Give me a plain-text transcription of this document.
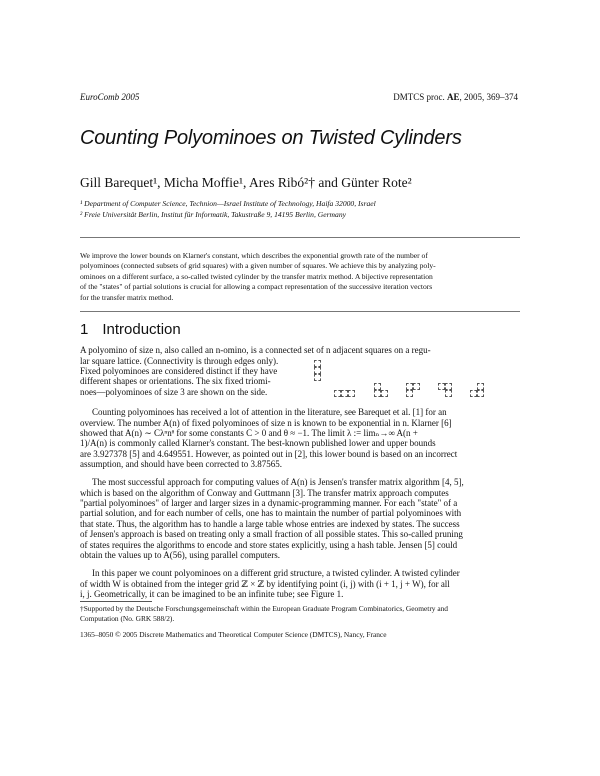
EuroComb 2005	DMTCS proc. AE, 2005, 369–374
Counting Polyominoes on Twisted Cylinders
Gill Barequet¹, Micha Moffie¹, Ares Ribó²† and Günter Rote²
¹ Department of Computer Science, Technion—Israel Institute of Technology, Haifa 32000, Israel
² Freie Universität Berlin, Institut für Informatik, Takustraße 9, 14195 Berlin, Germany
We improve the lower bounds on Klarner's constant, which describes the exponential growth rate of the number of
polyominoes (connected subsets of grid squares) with a given number of squares. We achieve this by analyzing poly-
ominoes on a different surface, a so-called twisted cylinder by the transfer matrix method. A bijective representation
of the "states" of partial solutions is crucial for allowing a compact representation of the successive iteration vectors
for the transfer matrix method.
1 Introduction
A polyomino of size n, also called an n-omino, is a connected set of n adjacent squares on a regu-
lar square lattice. (Connectivity is through edges only).
Fixed polyominoes are considered distinct if they have
different shapes or orientations. The six fixed triomi-
noes—polyominoes of size 3 are shown on the side.
Counting polyominoes has received a lot of attention in the literature, see Barequet et al. [1] for an
overview. The number A(n) of fixed polyominoes of size n is known to be exponential in n. Klarner [6]
showed that A(n) ∼ Cλⁿnᶿ for some constants C > 0 and θ ≈ −1. The limit λ := limₙ→∞ A(n +
1)/A(n) is commonly called Klarner's constant. The best-known published lower and upper bounds
are 3.927378 [5] and 4.649551. However, as pointed out in [2], this lower bound is based on an incorrect
assumption, and should have been corrected to 3.87565.
The most successful approach for computing values of A(n) is Jensen's transfer matrix algorithm [4, 5],
which is based on the algorithm of Conway and Guttmann [3]. The transfer matrix approach computes
"partial polyominoes" of larger and larger sizes in a dynamic-programming manner. For each "state" of a
partial solution, and for each number of cells, one has to maintain the number of partial polyominoes with
that state. Thus, the algorithm has to handle a large table whose entries are indexed by states. The success
of Jensen's approach is based on treating only a small fraction of all possible states. This so-called pruning
of states requires the algorithms to encode and store states explicitly, using a hash table. Jensen [5] could
obtain the values up to A(56), using parallel computers.
In this paper we count polyominoes on a different grid structure, a twisted cylinder. A twisted cylinder
of width W is obtained from the integer grid ℤ × ℤ by identifying point (i, j) with (i + 1, j + W), for all
i, j. Geometrically, it can be imagined to be an infinite tube; see Figure 1.
†Supported by the Deutsche Forschungsgemeinschaft within the European Graduate Program Combinatorics, Geometry and
Computation (No. GRK 588/2).
1365–8050 © 2005 Discrete Mathematics and Theoretical Computer Science (DMTCS), Nancy, France
